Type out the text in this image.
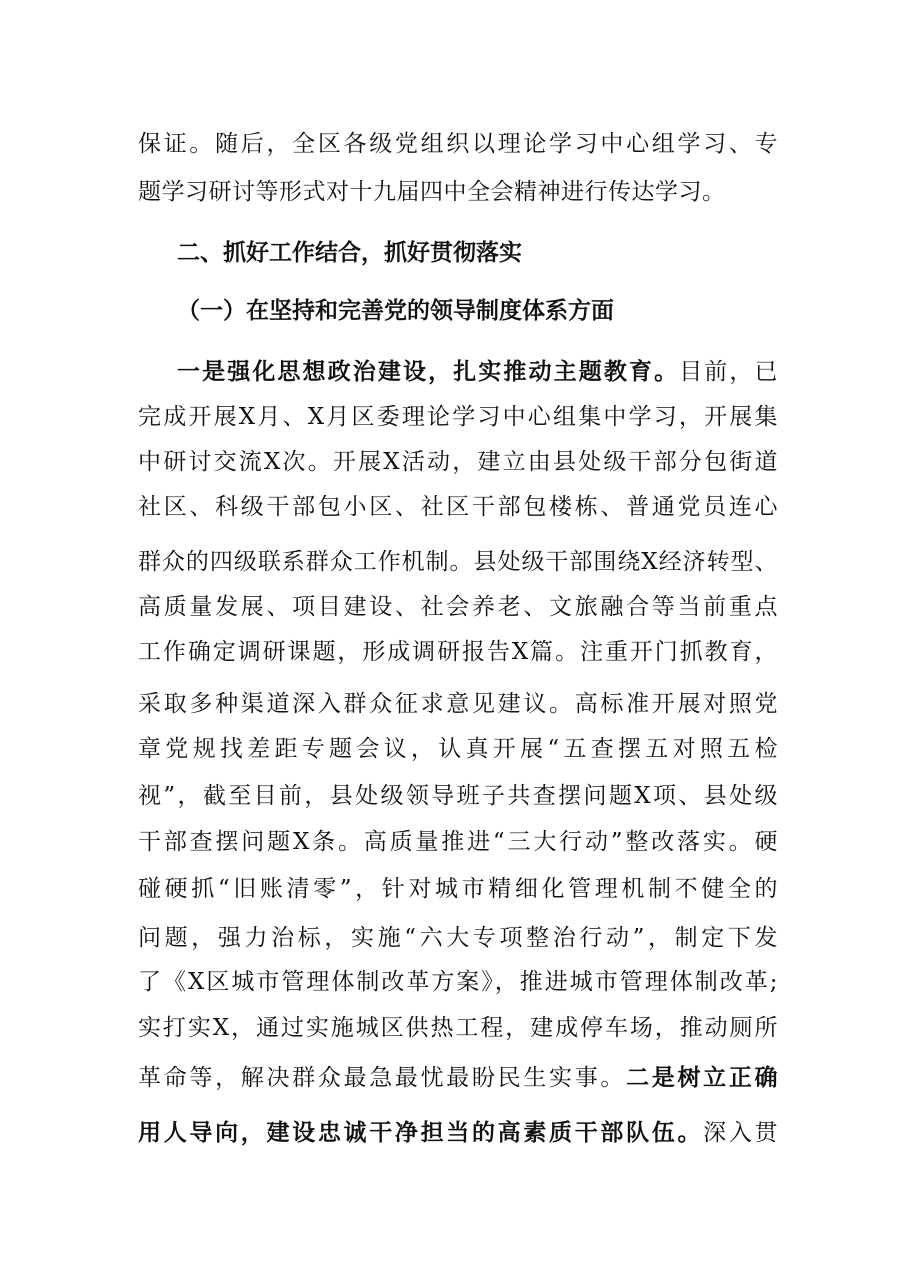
保证。随后，全区各级党组织以理论学习中心组学习、专
题学习研讨等形式对十九届四中全会精神进行传达学习。
二、抓好工作结合，抓好贯彻落实
（一）在坚持和完善党的领导制度体系方面
一是强化思想政治建设，扎实推动主题教育。目前，已
完成开展X月、X月区委理论学习中心组集中学习，开展集
中研讨交流X次。开展X活动，建立由县处级干部分包街道
社区、科级干部包小区、社区干部包楼栋、普通党员连心
群众的四级联系群众工作机制。县处级干部围绕X经济转型、
高质量发展、项目建设、社会养老、文旅融合等当前重点
工作确定调研课题，形成调研报告X篇。注重开门抓教育，
采取多种渠道深入群众征求意见建议。高标准开展对照党
章党规找差距专题会议，认真开展“五查摆五对照五检
视”，截至目前，县处级领导班子共查摆问题X项、县处级
干部查摆问题X条。高质量推进“三大行动”整改落实。硬
碰硬抓“旧账清零”，针对城市精细化管理机制不健全的
问题，强力治标，实施“六大专项整治行动”，制定下发
了《X区城市管理体制改革方案》，推进城市管理体制改革;
实打实X，通过实施城区供热工程，建成停车场，推动厕所
革命等，解决群众最急最忧最盼民生实事。二是树立正确
用人导向，建设忠诚干净担当的高素质干部队伍。深入贯
